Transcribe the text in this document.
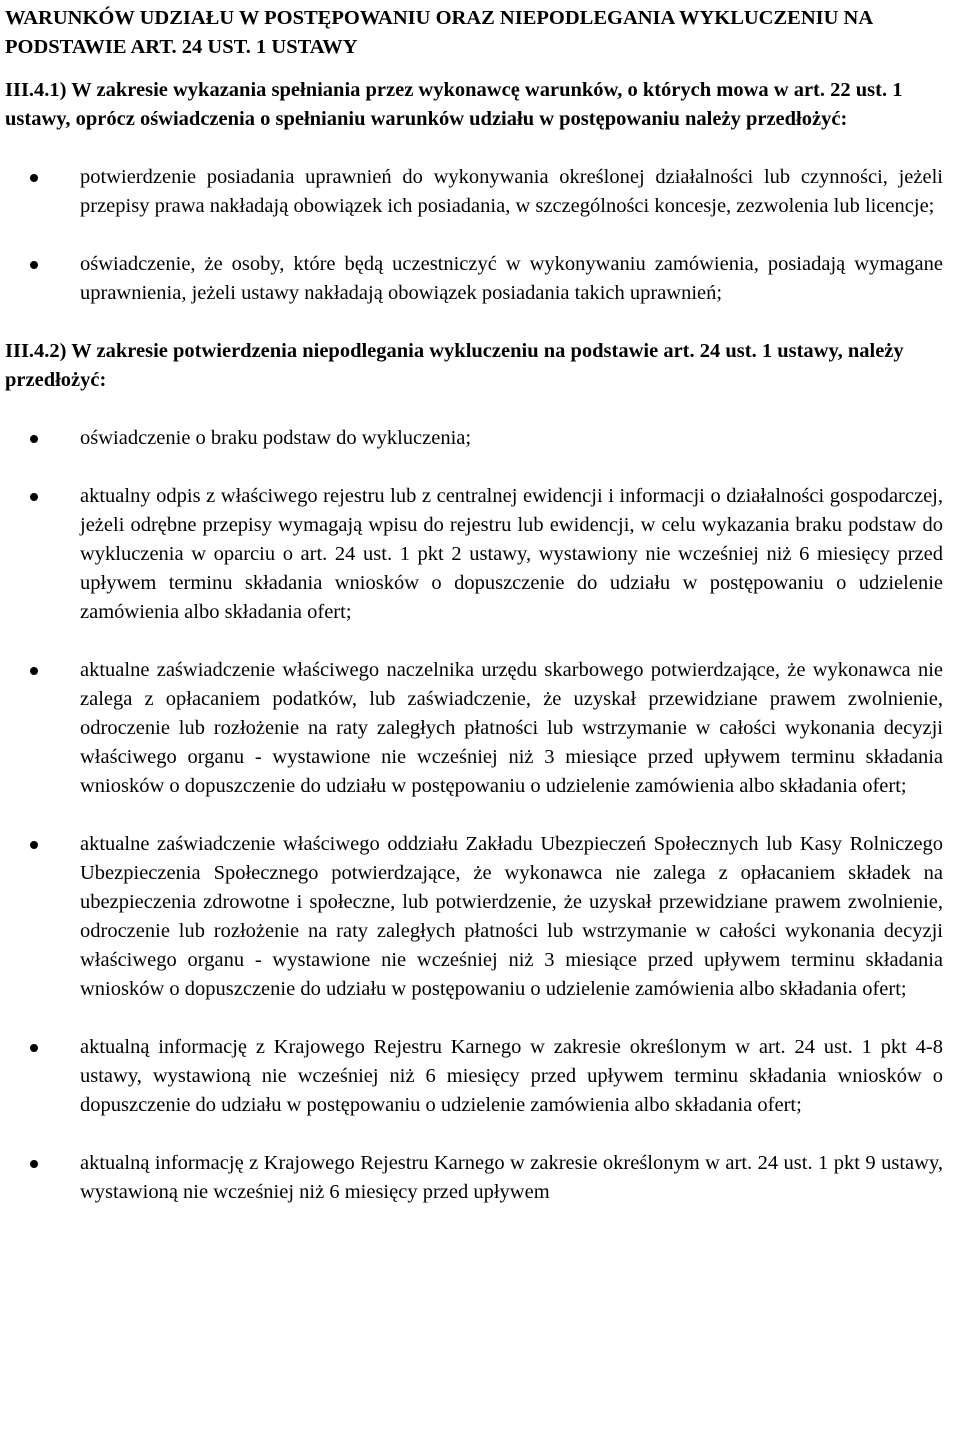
WARUNKÓW UDZIAŁU W POSTĘPOWANIU ORAZ NIEPODLEGANIA WYKLUCZENIU NA PODSTAWIE ART. 24 UST. 1 USTAWY

III.4.1) W zakresie wykazania spełniania przez wykonawcę warunków, o których mowa w art. 22 ust. 1 ustawy, oprócz oświadczenia o spełnianiu warunków udziału w postępowaniu należy przedłożyć:

potwierdzenie posiadania uprawnień do wykonywania określonej działalności lub czynności, jeżeli przepisy prawa nakładają obowiązek ich posiadania, w szczególności koncesje, zezwolenia lub licencje;
oświadczenie, że osoby, które będą uczestniczyć w wykonywaniu zamówienia, posiadają wymagane uprawnienia, jeżeli ustawy nakładają obowiązek posiadania takich uprawnień;

III.4.2) W zakresie potwierdzenia niepodlegania wykluczeniu na podstawie art. 24 ust. 1 ustawy, należy przedłożyć:

oświadczenie o braku podstaw do wykluczenia;
aktualny odpis z właściwego rejestru lub z centralnej ewidencji i informacji o działalności gospodarczej, jeżeli odrębne przepisy wymagają wpisu do rejestru lub ewidencji, w celu wykazania braku podstaw do wykluczenia w oparciu o art. 24 ust. 1 pkt 2 ustawy, wystawiony nie wcześniej niż 6 miesięcy przed upływem terminu składania wniosków o dopuszczenie do udziału w postępowaniu o udzielenie zamówienia albo składania ofert;
aktualne zaświadczenie właściwego naczelnika urzędu skarbowego potwierdzające, że wykonawca nie zalega z opłacaniem podatków, lub zaświadczenie, że uzyskał przewidziane prawem zwolnienie, odroczenie lub rozłożenie na raty zaległych płatności lub wstrzymanie w całości wykonania decyzji właściwego organu - wystawione nie wcześniej niż 3 miesiące przed upływem terminu składania wniosków o dopuszczenie do udziału w postępowaniu o udzielenie zamówienia albo składania ofert;
aktualne zaświadczenie właściwego oddziału Zakładu Ubezpieczeń Społecznych lub Kasy Rolniczego Ubezpieczenia Społecznego potwierdzające, że wykonawca nie zalega z opłacaniem składek na ubezpieczenia zdrowotne i społeczne, lub potwierdzenie, że uzyskał przewidziane prawem zwolnienie, odroczenie lub rozłożenie na raty zaległych płatności lub wstrzymanie w całości wykonania decyzji właściwego organu - wystawione nie wcześniej niż 3 miesiące przed upływem terminu składania wniosków o dopuszczenie do udziału w postępowaniu o udzielenie zamówienia albo składania ofert;
aktualną informację z Krajowego Rejestru Karnego w zakresie określonym w art. 24 ust. 1 pkt 4-8 ustawy, wystawioną nie wcześniej niż 6 miesięcy przed upływem terminu składania wniosków o dopuszczenie do udziału w postępowaniu o udzielenie zamówienia albo składania ofert;
aktualną informację z Krajowego Rejestru Karnego w zakresie określonym w art. 24 ust. 1 pkt 9 ustawy, wystawioną nie wcześniej niż 6 miesięcy przed upływem
